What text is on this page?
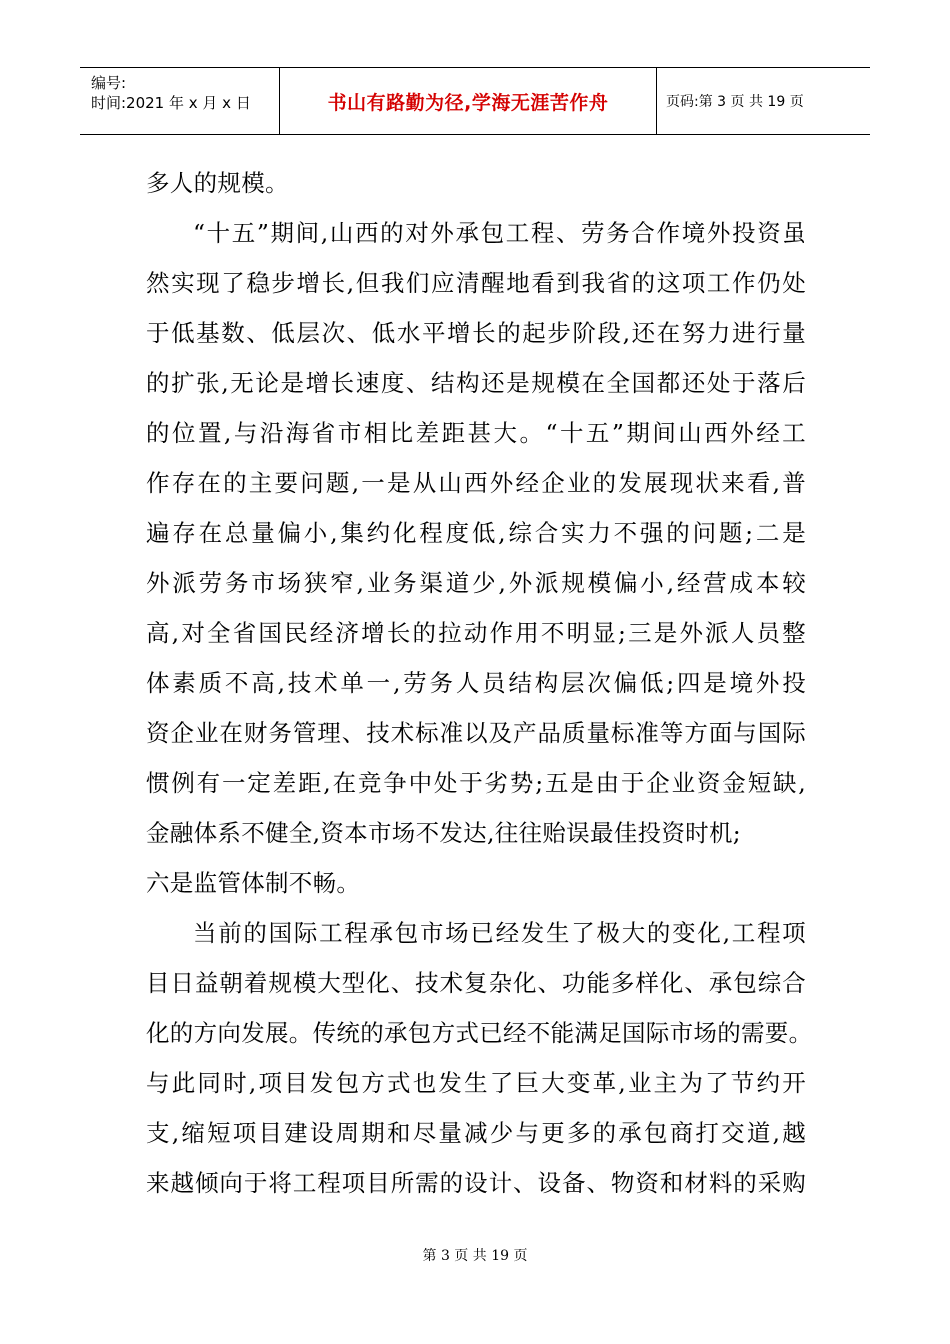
编号:
时间:2021 年 x 月 x 日	书山有路勤为径,学海无涯苦作舟	页码:第 3 页 共 19 页
多人的规模。
“十五”期间,山西的对外承包工程、劳务合作境外投资虽
然实现了稳步增长,但我们应清醒地看到我省的这项工作仍处
于低基数、低层次、低水平增长的起步阶段,还在努力进行量
的扩张,无论是增长速度、结构还是规模在全国都还处于落后
的位置,与沿海省市相比差距甚大。“十五”期间山西外经工
作存在的主要问题,一是从山西外经企业的发展现状来看,普
遍存在总量偏小,集约化程度低,综合实力不强的问题;二是
外派劳务市场狭窄,业务渠道少,外派规模偏小,经营成本较
高,对全省国民经济增长的拉动作用不明显;三是外派人员整
体素质不高,技术单一,劳务人员结构层次偏低;四是境外投
资企业在财务管理、技术标准以及产品质量标准等方面与国际
惯例有一定差距,在竞争中处于劣势;五是由于企业资金短缺,
金融体系不健全,资本市场不发达,往往贻误最佳投资时机;
六是监管体制不畅。
当前的国际工程承包市场已经发生了极大的变化,工程项
目日益朝着规模大型化、技术复杂化、功能多样化、承包综合
化的方向发展。传统的承包方式已经不能满足国际市场的需要。
与此同时,项目发包方式也发生了巨大变革,业主为了节约开
支,缩短项目建设周期和尽量减少与更多的承包商打交道,越
来越倾向于将工程项目所需的设计、设备、物资和材料的采购
第 3 页 共 19 页
